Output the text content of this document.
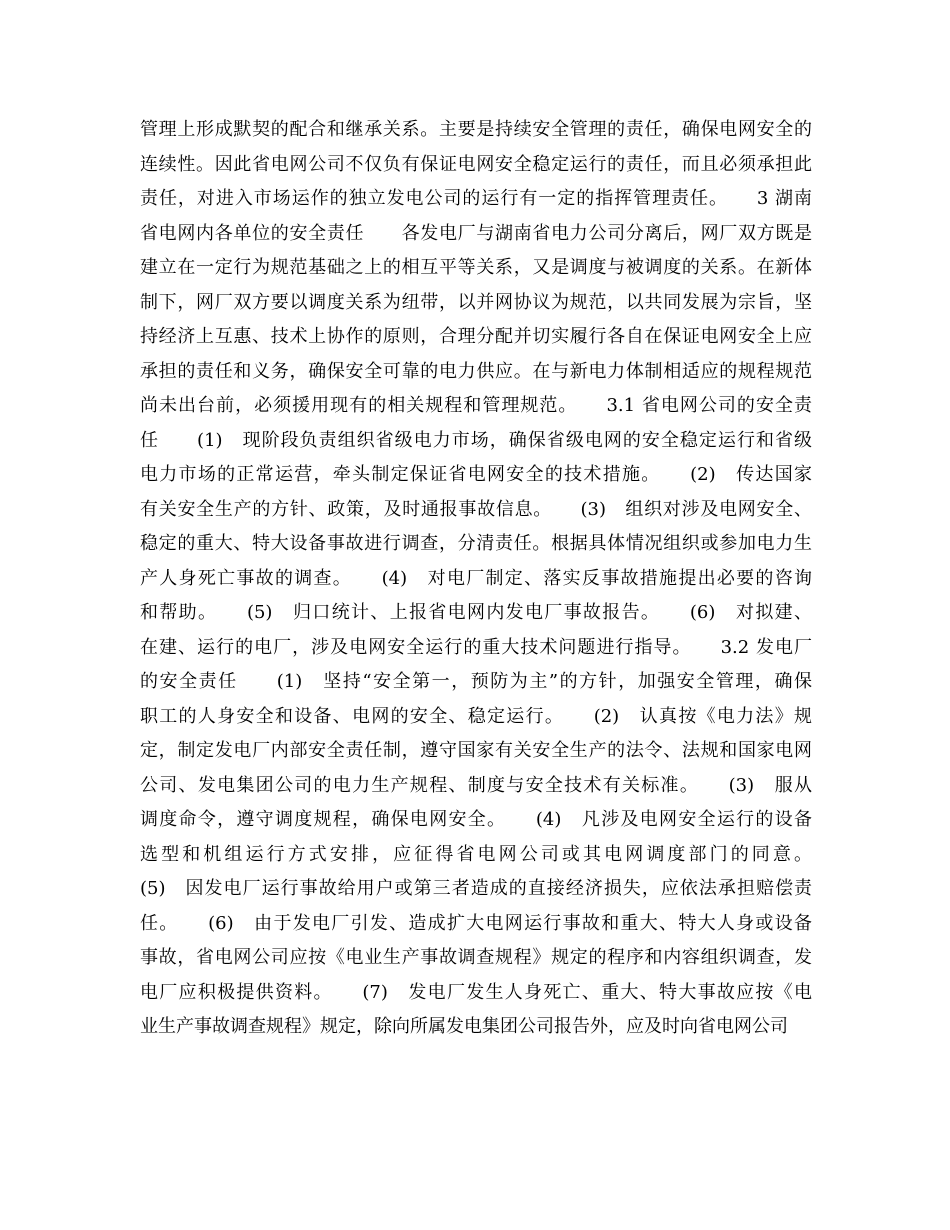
管理上形成默契的配合和继承关系。主要是持续安全管理的责任，确保电网安全的
连续性。因此省电网公司不仅负有保证电网安全稳定运行的责任，而且必须承担此
责任，对进入市场运作的独立发电公司的运行有一定的指挥管理责任。　　3 湖南
省电网内各单位的安全责任　　各发电厂与湖南省电力公司分离后，网厂双方既是
建立在一定行为规范基础之上的相互平等关系，又是调度与被调度的关系。在新体
制下，网厂双方要以调度关系为纽带，以并网协议为规范，以共同发展为宗旨，坚
持经济上互惠、技术上协作的原则，合理分配并切实履行各自在保证电网安全上应
承担的责任和义务，确保安全可靠的电力供应。在与新电力体制相适应的规程规范
尚未出台前，必须援用现有的相关规程和管理规范。　　3.1 省电网公司的安全责
任　　(1)　现阶段负责组织省级电力市场，确保省级电网的安全稳定运行和省级
电力市场的正常运营，牵头制定保证省电网安全的技术措施。　　(2)　传达国家
有关安全生产的方针、政策，及时通报事故信息。　　(3)　组织对涉及电网安全、
稳定的重大、特大设备事故进行调查，分清责任。根据具体情况组织或参加电力生
产人身死亡事故的调查。　　(4)　对电厂制定、落实反事故措施提出必要的咨询
和帮助。　　(5)　归口统计、上报省电网内发电厂事故报告。　　(6)　对拟建、
在建、运行的电厂，涉及电网安全运行的重大技术问题进行指导。　　3.2 发电厂
的安全责任　　(1)　坚持“安全第一，预防为主”的方针，加强安全管理，确保
职工的人身安全和设备、电网的安全、稳定运行。　　(2)　认真按《电力法》规
定，制定发电厂内部安全责任制，遵守国家有关安全生产的法令、法规和国家电网
公司、发电集团公司的电力生产规程、制度与安全技术有关标准。　　(3)　服从
调度命令，遵守调度规程，确保电网安全。　　(4)　凡涉及电网安全运行的设备
选型和机组运行方式安排，应征得省电网公司或其电网调度部门的同意。
(5)　因发电厂运行事故给用户或第三者造成的直接经济损失，应依法承担赔偿责
任。　　(6)　由于发电厂引发、造成扩大电网运行事故和重大、特大人身或设备
事故，省电网公司应按《电业生产事故调查规程》规定的程序和内容组织调查，发
电厂应积极提供资料。　　(7)　发电厂发生人身死亡、重大、特大事故应按《电
业生产事故调查规程》规定，除向所属发电集团公司报告外，应及时向省电网公司
